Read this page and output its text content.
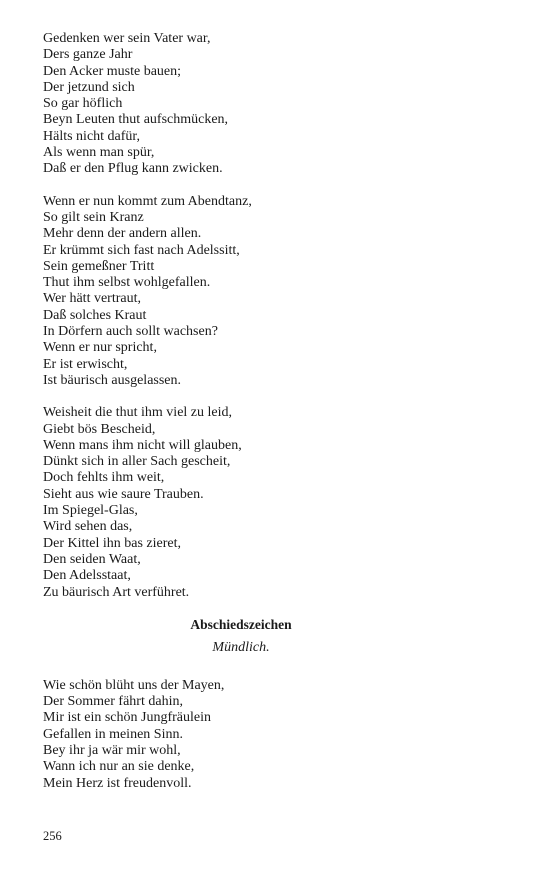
Gedenken wer sein Vater war,
Ders ganze Jahr
Den Acker muste bauen;
Der jetzund sich
So gar höflich
Beyn Leuten thut aufschmücken,
Hälts nicht dafür,
Als wenn man spür,
Daß er den Pflug kann zwicken.
Wenn er nun kommt zum Abendtanz,
So gilt sein Kranz
Mehr denn der andern allen.
Er krümmt sich fast nach Adelssitt,
Sein gemeßner Tritt
Thut ihm selbst wohlgefallen.
Wer hätt vertraut,
Daß solches Kraut
In Dörfern auch sollt wachsen?
Wenn er nur spricht,
Er ist erwischt,
Ist bäurisch ausgelassen.
Weisheit die thut ihm viel zu leid,
Giebt bös Bescheid,
Wenn mans ihm nicht will glauben,
Dünkt sich in aller Sach gescheit,
Doch fehlts ihm weit,
Sieht aus wie saure Trauben.
Im Spiegel-Glas,
Wird sehen das,
Der Kittel ihn bas zieret,
Den seiden Waat,
Den Adelsstaat,
Zu bäurisch Art verführet.
Abschiedszeichen
Mündlich.
Wie schön blüht uns der Mayen,
Der Sommer fährt dahin,
Mir ist ein schön Jungfräulein
Gefallen in meinen Sinn.
Bey ihr ja wär mir wohl,
Wann ich nur an sie denke,
Mein Herz ist freudenvoll.
256
